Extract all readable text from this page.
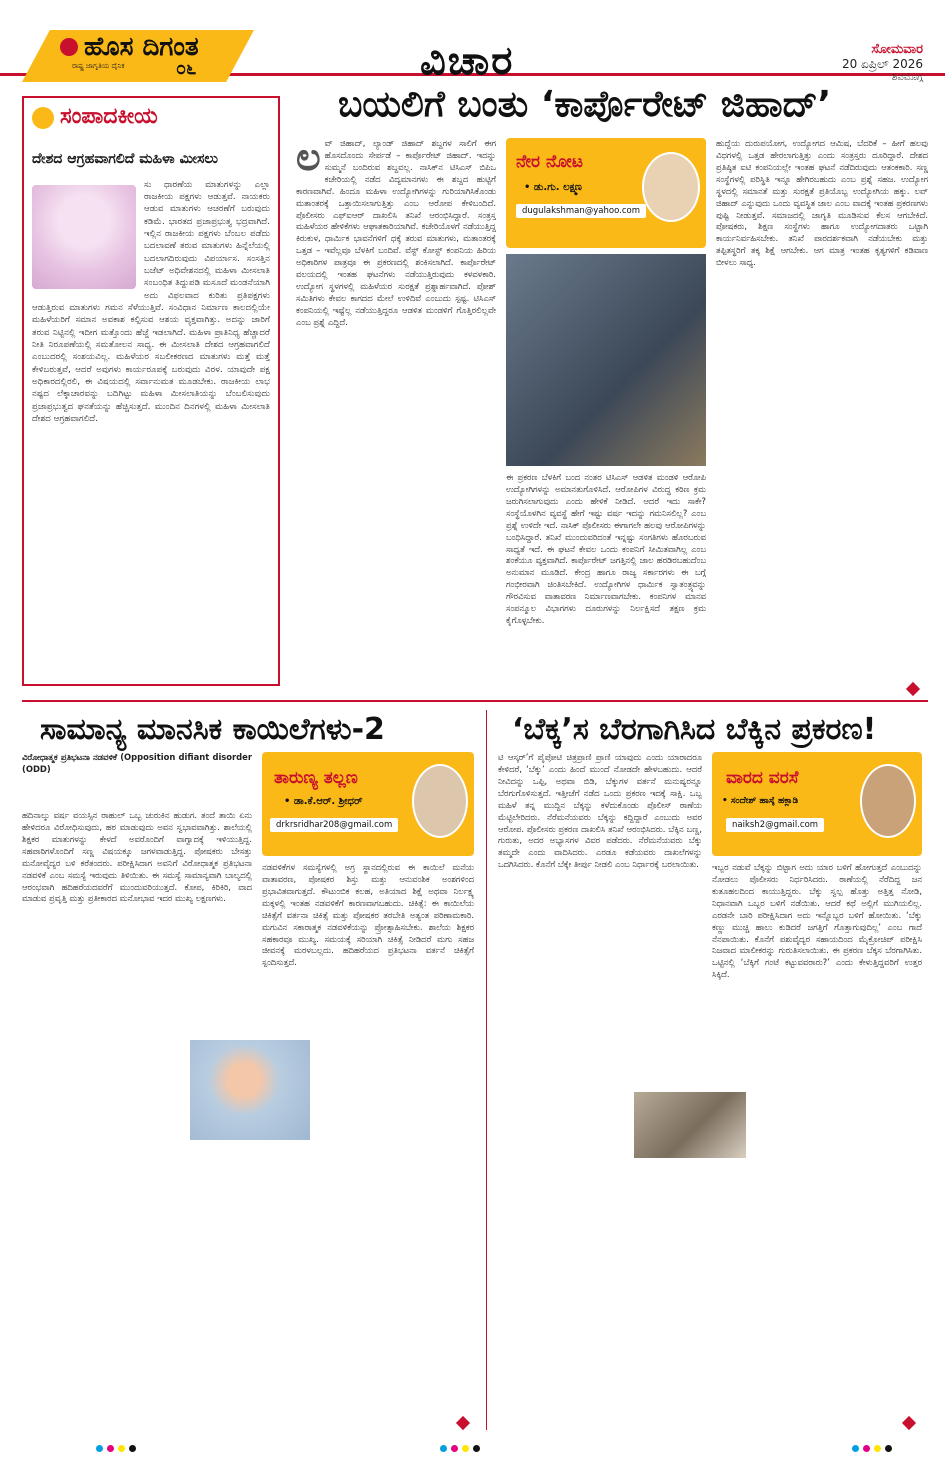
ಹೊಸ ದಿಗಂತ
ರಾಷ್ಟ್ರ ಜಾಗೃತಿಯ ದೈನಿಕ	೦೬	ವಿಚಾರ	ಸೋಮವಾರ
20 ಏಪ್ರಿಲ್ 2026
ಶಿವಮೊಗ್ಗ
ಸಂಪಾದಕೀಯ
ದೇಶದ ಆಗ್ರಹವಾಗಲಿದೆ ಮಹಿಳಾ ಮೀಸಲು

ಸು ಧಾರಣೆಯ ಮಾತುಗಳನ್ನು ಎಲ್ಲಾ ರಾಜಕೀಯ ಪಕ್ಷಗಳು ಆಡುತ್ತವೆ. ನಾಯಕರು ಆಡುವ ಮಾತುಗಳು ಆಚರಣೆಗೆ ಬರುವುದು ಕಡಿಮೆ. ಭಾರತದ ಪ್ರಜಾಪ್ರಭುತ್ವ ಭದ್ರವಾಗಿದೆ. ಇಲ್ಲಿನ ರಾಜಕೀಯ ಪಕ್ಷಗಳು ಬೆಂಬಲ ಪಡೆದು ಬದಲಾವಣೆ ತರುವ ಮಾತುಗಳು ಹಿನ್ನೆಲೆಯಲ್ಲಿ ಬದಲಾಗದಿರುವುದು ವಿಪರ್ಯಾಸ. ಸಂಸತ್ತಿನ ಬಜೆಟ್ ಅಧಿವೇಶನದಲ್ಲಿ ಮಹಿಳಾ ಮೀಸಲಾತಿ ಸಂಬಂಧಿತ ತಿದ್ದುಪಡಿ ಮಸೂದೆ ಮಂಡನೆಯಾಗಿ ಅದು ವಿಫಲವಾದ ಕುರಿತು ಪ್ರತಿಪಕ್ಷಗಳು ಆಡುತ್ತಿರುವ ಮಾತುಗಳು ಗಮನ ಸೆಳೆಯುತ್ತಿವೆ. ಸಂವಿಧಾನ ನಿರ್ಮಾಣ ಕಾಲದಲ್ಲಿಯೇ ಮಹಿಳೆಯರಿಗೆ ಸಮಾನ ಅವಕಾಶ ಕಲ್ಪಿಸುವ ಆಶಯ ವ್ಯಕ್ತವಾಗಿತ್ತು. ಅದನ್ನು ಜಾರಿಗೆ ತರುವ ನಿಟ್ಟಿನಲ್ಲಿ ಇದೀಗ ಮತ್ತೊಂದು ಹೆಜ್ಜೆ ಇಡಲಾಗಿದೆ. ಮಹಿಳಾ ಪ್ರಾತಿನಿಧ್ಯ ಹೆಚ್ಚಾದರೆ ನೀತಿ ನಿರೂಪಣೆಯಲ್ಲಿ ಸಮತೋಲನ ಸಾಧ್ಯ. ಈ ಮೀಸಲಾತಿ ದೇಶದ ಆಗ್ರಹವಾಗಲಿದೆ ಎಂಬುದರಲ್ಲಿ ಸಂಶಯವಿಲ್ಲ. ಮಹಿಳೆಯರ ಸಬಲೀಕರಣದ ಮಾತುಗಳು ಮತ್ತೆ ಮತ್ತೆ ಕೇಳಿಬರುತ್ತವೆ, ಆದರೆ ಅವುಗಳು ಕಾರ್ಯರೂಪಕ್ಕೆ ಬರುವುದು ವಿರಳ. ಯಾವುದೇ ಪಕ್ಷ ಅಧಿಕಾರದಲ್ಲಿರಲಿ, ಈ ವಿಷಯದಲ್ಲಿ ಸರ್ವಾನುಮತ ಮೂಡಬೇಕು. ರಾಜಕೀಯ ಲಾಭ ನಷ್ಟದ ಲೆಕ್ಕಾಚಾರವನ್ನು ಬದಿಗಿಟ್ಟು ಮಹಿಳಾ ಮೀಸಲಾತಿಯನ್ನು ಬೆಂಬಲಿಸುವುದು ಪ್ರಜಾಪ್ರಭುತ್ವದ ಘನತೆಯನ್ನು ಹೆಚ್ಚಿಸುತ್ತದೆ. ಮುಂದಿನ ದಿನಗಳಲ್ಲಿ ಮಹಿಳಾ ಮೀಸಲಾತಿ ದೇಶದ ಆಗ್ರಹವಾಗಲಿದೆ.

ಬಯಲಿಗೆ ಬಂತು ‘ಕಾರ್ಪೊರೇಟ್ ಜಿಹಾದ್’
ಲ ವ್ ಜಿಹಾದ್, ಲ್ಯಾಂಡ್ ಜಿಹಾದ್ ಶಬ್ದಗಳ ಸಾಲಿಗೆ ಈಗ ಹೊಸದೊಂದು ಸೇರ್ಪಡೆ – ಕಾರ್ಪೊರೇಟ್ ಜಿಹಾದ್. ಇದನ್ನು ಸುಮ್ಮನೆ ಬಂದಿರುವ ಶಬ್ದವಲ್ಲ. ನಾಸಿಕ್‌ನ ಟಿಸಿಎಸ್ ಬಿಪಿಒ ಕಚೇರಿಯಲ್ಲಿ ನಡೆದ ವಿದ್ಯಮಾನಗಳು ಈ ಶಬ್ದದ ಹುಟ್ಟಿಗೆ ಕಾರಣವಾಗಿವೆ. ಹಿಂದೂ ಮಹಿಳಾ ಉದ್ಯೋಗಿಗಳನ್ನು ಗುರಿಯಾಗಿಸಿಕೊಂಡು ಮತಾಂತರಕ್ಕೆ ಒತ್ತಾಯಿಸಲಾಗುತ್ತಿತ್ತು ಎಂಬ ಆರೋಪ ಕೇಳಿಬಂದಿದೆ. ಪೊಲೀಸರು ಎಫ್‌ಐಆರ್ ದಾಖಲಿಸಿ ತನಿಖೆ ಆರಂಭಿಸಿದ್ದಾರೆ. ಸಂತ್ರಸ್ತ ಮಹಿಳೆಯರ ಹೇಳಿಕೆಗಳು ಆಘಾತಕಾರಿಯಾಗಿವೆ. ಕಚೇರಿಯೊಳಗೆ ನಡೆಯುತ್ತಿದ್ದ ಕಿರುಕುಳ, ಧಾರ್ಮಿಕ ಭಾವನೆಗಳಿಗೆ ಧಕ್ಕೆ ತರುವ ಮಾತುಗಳು, ಮತಾಂತರಕ್ಕೆ ಒತ್ತಡ – ಇವೆಲ್ಲವೂ ಬೆಳಕಿಗೆ ಬಂದಿವೆ. ವೆಸ್ಟ್ ಕೋಸ್ಟ್ ಕಂಪನಿಯ ಹಿರಿಯ ಅಧಿಕಾರಿಗಳ ಪಾತ್ರವೂ ಈ ಪ್ರಕರಣದಲ್ಲಿ ಶಂಕಿಸಲಾಗಿದೆ. ಕಾರ್ಪೊರೇಟ್ ವಲಯದಲ್ಲಿ ಇಂತಹ ಘಟನೆಗಳು ನಡೆಯುತ್ತಿರುವುದು ಕಳವಳಕಾರಿ. ಉದ್ಯೋಗ ಸ್ಥಳಗಳಲ್ಲಿ ಮಹಿಳೆಯರ ಸುರಕ್ಷತೆ ಪ್ರಶ್ನಾರ್ಹವಾಗಿದೆ. ಪೋಶ್ ಸಮಿತಿಗಳು ಕೇವಲ ಕಾಗದದ ಮೇಲೆ ಉಳಿದಿವೆ ಎಂಬುದು ಸ್ಪಷ್ಟ. ಟಿಸಿಎಸ್ ಕಂಪನಿಯಲ್ಲಿ ಇಷ್ಟೆಲ್ಲ ನಡೆಯುತ್ತಿದ್ದರೂ ಆಡಳಿತ ಮಂಡಳಿಗೆ ಗೊತ್ತಿರಲಿಲ್ಲವೇ ಎಂಬ ಪ್ರಶ್ನೆ ಎದ್ದಿದೆ.
ನೇರ ನೋಟ
• ಡು.ಗು. ಲಕ್ಷ್ಮಣ
dugulakshman@yahoo.com
ಈ ಪ್ರಕರಣ ಬೆಳಕಿಗೆ ಬಂದ ನಂತರ ಟಿಸಿಎಸ್ ಆಡಳಿತ ಮಂಡಳಿ ಆರೋಪಿ ಉದ್ಯೋಗಿಗಳನ್ನು ಅಮಾನತುಗೊಳಿಸಿದೆ. ಆರೋಪಿಗಳ ವಿರುದ್ಧ ಕಠಿಣ ಕ್ರಮ ಜರುಗಿಸಲಾಗುವುದು ಎಂದು ಹೇಳಿಕೆ ನೀಡಿದೆ. ಆದರೆ ಇದು ಸಾಕೇ? ಸಂಸ್ಥೆಯೊಳಗಿನ ವ್ಯವಸ್ಥೆ ಹೇಗೆ ಇಷ್ಟು ವರ್ಷ ಇದನ್ನು ಗಮನಿಸಲಿಲ್ಲ? ಎಂಬ ಪ್ರಶ್ನೆ ಉಳಿದೇ ಇದೆ. ನಾಸಿಕ್ ಪೊಲೀಸರು ಈಗಾಗಲೇ ಹಲವು ಆರೋಪಿಗಳನ್ನು ಬಂಧಿಸಿದ್ದಾರೆ. ತನಿಖೆ ಮುಂದುವರಿದಂತೆ ಇನ್ನಷ್ಟು ಸಂಗತಿಗಳು ಹೊರಬರುವ ಸಾಧ್ಯತೆ ಇದೆ. ಈ ಘಟನೆ ಕೇವಲ ಒಂದು ಕಂಪನಿಗೆ ಸೀಮಿತವಾಗಿಲ್ಲ ಎಂಬ ಶಂಕೆಯೂ ವ್ಯಕ್ತವಾಗಿದೆ. ಕಾರ್ಪೊರೇಟ್ ಜಗತ್ತಿನಲ್ಲಿ ಜಾಲ ಹರಡಿರಬಹುದೆಂಬ ಅನುಮಾನ ಮೂಡಿದೆ. ಕೇಂದ್ರ ಹಾಗೂ ರಾಜ್ಯ ಸರ್ಕಾರಗಳು ಈ ಬಗ್ಗೆ ಗಂಭೀರವಾಗಿ ಚಿಂತಿಸಬೇಕಿದೆ. ಉದ್ಯೋಗಿಗಳ ಧಾರ್ಮಿಕ ಸ್ವಾತಂತ್ರ್ಯವನ್ನು ಗೌರವಿಸುವ ವಾತಾವರಣ ನಿರ್ಮಾಣವಾಗಬೇಕು. ಕಂಪನಿಗಳ ಮಾನವ ಸಂಪನ್ಮೂಲ ವಿಭಾಗಗಳು ದೂರುಗಳನ್ನು ನಿರ್ಲಕ್ಷಿಸದೆ ತಕ್ಷಣ ಕ್ರಮ ಕೈಗೊಳ್ಳಬೇಕು.
ಹುದ್ದೆಯ ದುರುಪಯೋಗ, ಉದ್ಯೋಗದ ಆಮಿಷ, ಬೆದರಿಕೆ – ಹೀಗೆ ಹಲವು ವಿಧಗಳಲ್ಲಿ ಒತ್ತಡ ಹೇರಲಾಗುತ್ತಿತ್ತು ಎಂದು ಸಂತ್ರಸ್ತರು ದೂರಿದ್ದಾರೆ. ದೇಶದ ಪ್ರತಿಷ್ಠಿತ ಐಟಿ ಕಂಪನಿಯಲ್ಲೇ ಇಂತಹ ಘಟನೆ ನಡೆದಿರುವುದು ಆತಂಕಕಾರಿ. ಸಣ್ಣ ಸಂಸ್ಥೆಗಳಲ್ಲಿ ಪರಿಸ್ಥಿತಿ ಇನ್ನೂ ಹೇಗಿರಬಹುದು ಎಂಬ ಪ್ರಶ್ನೆ ಸಹಜ. ಉದ್ಯೋಗ ಸ್ಥಳದಲ್ಲಿ ಸಮಾನತೆ ಮತ್ತು ಸುರಕ್ಷತೆ ಪ್ರತಿಯೊಬ್ಬ ಉದ್ಯೋಗಿಯ ಹಕ್ಕು. ಲವ್ ಜಿಹಾದ್ ಎನ್ನುವುದು ಒಂದು ವ್ಯವಸ್ಥಿತ ಜಾಲ ಎಂಬ ವಾದಕ್ಕೆ ಇಂತಹ ಪ್ರಕರಣಗಳು ಪುಷ್ಟಿ ನೀಡುತ್ತವೆ. ಸಮಾಜದಲ್ಲಿ ಜಾಗೃತಿ ಮೂಡಿಸುವ ಕೆಲಸ ಆಗಬೇಕಿದೆ. ಪೋಷಕರು, ಶಿಕ್ಷಣ ಸಂಸ್ಥೆಗಳು ಹಾಗೂ ಉದ್ಯೋಗದಾತರು ಒಟ್ಟಾಗಿ ಕಾರ್ಯನಿರ್ವಹಿಸಬೇಕು. ತನಿಖೆ ಪಾರದರ್ಶಕವಾಗಿ ನಡೆಯಬೇಕು ಮತ್ತು ತಪ್ಪಿತಸ್ಥರಿಗೆ ತಕ್ಕ ಶಿಕ್ಷೆ ಆಗಬೇಕು. ಆಗ ಮಾತ್ರ ಇಂತಹ ಕೃತ್ಯಗಳಿಗೆ ಕಡಿವಾಣ ಬೀಳಲು ಸಾಧ್ಯ.
ಸಾಮಾನ್ಯ ಮಾನಸಿಕ ಕಾಯಿಲೆಗಳು-2
ವಿರೋಧಾತ್ಮಕ ಪ್ರತಿಭಟನಾ ನಡವಳಿಕೆ (Opposition difiant disorder (ODD)	ತಾರುಣ್ಯ ತಲ್ಲಣ
• ಡಾ.ಕೆ.ಆರ್. ಶ್ರೀಧರ್
drkrsridhar208@gmail.com
ಹದಿನಾಲ್ಕು ವರ್ಷ ವಯಸ್ಸಿನ ರಾಹುಲ್ ಒಬ್ಬ ಚುರುಕಿನ ಹುಡುಗ. ತಂದೆ ತಾಯಿ ಏನು ಹೇಳಿದರೂ ವಿರೋಧಿಸುವುದು, ಹಠ ಮಾಡುವುದು ಅವನ ಸ್ವಭಾವವಾಗಿತ್ತು. ಶಾಲೆಯಲ್ಲಿ ಶಿಕ್ಷಕರ ಮಾತುಗಳನ್ನು ಕೇಳದೆ ಅವರೊಂದಿಗೆ ವಾಗ್ವಾದಕ್ಕೆ ಇಳಿಯುತ್ತಿದ್ದ. ಸಹಪಾಠಿಗಳೊಂದಿಗೆ ಸಣ್ಣ ವಿಷಯಕ್ಕೂ ಜಗಳವಾಡುತ್ತಿದ್ದ. ಪೋಷಕರು ಬೇಸತ್ತು ಮನೋವೈದ್ಯರ ಬಳಿ ಕರೆತಂದರು. ಪರೀಕ್ಷಿಸಿದಾಗ ಅವನಿಗೆ ವಿರೋಧಾತ್ಮಕ ಪ್ರತಿಭಟನಾ ನಡವಳಿಕೆ ಎಂಬ ಸಮಸ್ಯೆ ಇರುವುದು ತಿಳಿಯಿತು. ಈ ಸಮಸ್ಯೆ ಸಾಮಾನ್ಯವಾಗಿ ಬಾಲ್ಯದಲ್ಲಿ ಆರಂಭವಾಗಿ ಹದಿಹರೆಯದವರೆಗೆ ಮುಂದುವರಿಯುತ್ತದೆ. ಕೋಪ, ಕಿರಿಕಿರಿ, ವಾದ ಮಾಡುವ ಪ್ರವೃತ್ತಿ ಮತ್ತು ಪ್ರತೀಕಾರದ ಮನೋಭಾವ ಇದರ ಮುಖ್ಯ ಲಕ್ಷಣಗಳು.
ನಡವಳಿಕೆಗಳ ಸಮಸ್ಯೆಗಳಲ್ಲಿ ಅಗ್ರ ಸ್ಥಾನದಲ್ಲಿರುವ ಈ ಕಾಯಿಲೆ ಮನೆಯ ವಾತಾವರಣ, ಪೋಷಕರ ಶಿಸ್ತು ಮತ್ತು ಆನುವಂಶಿಕ ಅಂಶಗಳಿಂದ ಪ್ರಭಾವಿತವಾಗುತ್ತದೆ. ಕೌಟುಂಬಿಕ ಕಲಹ, ಅತಿಯಾದ ಶಿಕ್ಷೆ ಅಥವಾ ನಿರ್ಲಕ್ಷ್ಯ ಮಕ್ಕಳಲ್ಲಿ ಇಂತಹ ನಡವಳಿಕೆಗೆ ಕಾರಣವಾಗಬಹುದು. ಚಿಕಿತ್ಸೆ: ಈ ಕಾಯಿಲೆಯ ಚಿಕಿತ್ಸೆಗೆ ವರ್ತನಾ ಚಿಕಿತ್ಸೆ ಮತ್ತು ಪೋಷಕರ ತರಬೇತಿ ಅತ್ಯಂತ ಪರಿಣಾಮಕಾರಿ. ಮಗುವಿನ ಸಕಾರಾತ್ಮಕ ನಡವಳಿಕೆಯನ್ನು ಪ್ರೋತ್ಸಾಹಿಸಬೇಕು. ಶಾಲೆಯ ಶಿಕ್ಷಕರ ಸಹಕಾರವೂ ಮುಖ್ಯ. ಸಮಯಕ್ಕೆ ಸರಿಯಾಗಿ ಚಿಕಿತ್ಸೆ ನೀಡಿದರೆ ಮಗು ಸಹಜ ಜೀವನಕ್ಕೆ ಮರಳಬಲ್ಲದು. ಹದಿಹರೆಯದ ಪ್ರತಿಭಟನಾ ವರ್ತನೆ ಚಿಕಿತ್ಸೆಗೆ ಸ್ಪಂದಿಸುತ್ತದೆ.
‘ಬೆಕ್ಕ’ಸ ಬೆರಗಾಗಿಸಿದ ಬೆಕ್ಕಿನ ಪ್ರಕರಣ!
ವಾರದ ವರಸೆ
• ಸಂದೇಶ್ ಹಾಸ್ಕೆ ಹಕ್ಲಾಡಿ
naiksh2@gmail.com
ಟಿ ಆಸ್ಕರ್’ಗೆ ಪೈಪೋಟಿ ಚಿತ್ರಪ್ರಾಣಿ ಪ್ರಾಣಿ ಯಾವುದು ಎಂದು ಯಾರಾದರೂ ಕೇಳಿದರೆ, ‘ಬೆಕ್ಕು’ ಎಂದು ಹಿಂದೆ ಮುಂದೆ ನೋಡದೇ ಹೇಳಬಹುದು. ಆದರೆ ನೀವಿದನ್ನು ಒಪ್ಪಿ, ಅಥವಾ ಬಿಡಿ, ಬೆಕ್ಕುಗಳ ವರ್ತನೆ ಮನುಷ್ಯರನ್ನೂ ಬೆರಗುಗೊಳಿಸುತ್ತದೆ. ಇತ್ತೀಚೆಗೆ ನಡೆದ ಒಂದು ಪ್ರಕರಣ ಇದಕ್ಕೆ ಸಾಕ್ಷಿ. ಒಬ್ಬ ಮಹಿಳೆ ತನ್ನ ಮುದ್ದಿನ ಬೆಕ್ಕನ್ನು ಕಳೆದುಕೊಂಡು ಪೊಲೀಸ್ ಠಾಣೆಯ ಮೆಟ್ಟಿಲೇರಿದರು. ನೆರೆಮನೆಯವರು ಬೆಕ್ಕನ್ನು ಕದ್ದಿದ್ದಾರೆ ಎಂಬುದು ಅವರ ಆರೋಪ. ಪೊಲೀಸರು ಪ್ರಕರಣ ದಾಖಲಿಸಿ ತನಿಖೆ ಆರಂಭಿಸಿದರು. ಬೆಕ್ಕಿನ ಬಣ್ಣ, ಗುರುತು, ಅದರ ಅಭ್ಯಾಸಗಳ ವಿವರ ಪಡೆದರು. ನೆರೆಮನೆಯವರು ಬೆಕ್ಕು ತಮ್ಮದೇ ಎಂದು ವಾದಿಸಿದರು. ಎರಡೂ ಕಡೆಯವರು ದಾಖಲೆಗಳನ್ನು ಒದಗಿಸಿದರು. ಕೊನೆಗೆ ಬೆಕ್ಕೇ ತೀರ್ಪು ನೀಡಲಿ ಎಂಬ ನಿರ್ಧಾರಕ್ಕೆ ಬರಲಾಯಿತು.	ಇಬ್ಬರ ನಡುವೆ ಬೆಕ್ಕನ್ನು ಬಿಟ್ಟಾಗ ಅದು ಯಾರ ಬಳಿಗೆ ಹೋಗುತ್ತದೆ ಎಂಬುದನ್ನು ನೋಡಲು ಪೊಲೀಸರು ನಿರ್ಧರಿಸಿದರು. ಠಾಣೆಯಲ್ಲಿ ನೆರೆದಿದ್ದ ಜನ ಕುತೂಹಲದಿಂದ ಕಾಯುತ್ತಿದ್ದರು. ಬೆಕ್ಕು ಸ್ವಲ್ಪ ಹೊತ್ತು ಅತ್ತಿತ್ತ ನೋಡಿ, ನಿಧಾನವಾಗಿ ಒಬ್ಬರ ಬಳಿಗೆ ನಡೆಯಿತು. ಆದರೆ ಕಥೆ ಅಲ್ಲಿಗೆ ಮುಗಿಯಲಿಲ್ಲ. ಎರಡನೇ ಬಾರಿ ಪರೀಕ್ಷಿಸಿದಾಗ ಅದು ಇನ್ನೊಬ್ಬರ ಬಳಿಗೆ ಹೋಯಿತು. ‘ಬೆಕ್ಕು ಕಣ್ಣು ಮುಚ್ಚಿ ಹಾಲು ಕುಡಿದರೆ ಜಗತ್ತಿಗೆ ಗೊತ್ತಾಗುವುದಿಲ್ಲ’ ಎಂಬ ಗಾದೆ ನೆನಪಾಯಿತು. ಕೊನೆಗೆ ಪಶುವೈದ್ಯರ ಸಹಾಯದಿಂದ ಮೈಕ್ರೋಚಿಪ್ ಪರೀಕ್ಷಿಸಿ ನಿಜವಾದ ಮಾಲೀಕರನ್ನು ಗುರುತಿಸಲಾಯಿತು. ಈ ಪ್ರಕರಣ ಬೆಕ್ಕಸ ಬೆರಗಾಗಿಸಿತು. ಒಟ್ಟಿನಲ್ಲಿ ‘ಬೆಕ್ಕಿಗೆ ಗಂಟೆ ಕಟ್ಟುವವರಾರು?’ ಎಂದು ಕೇಳುತ್ತಿದ್ದವರಿಗೆ ಉತ್ತರ ಸಿಕ್ಕಿದೆ.
